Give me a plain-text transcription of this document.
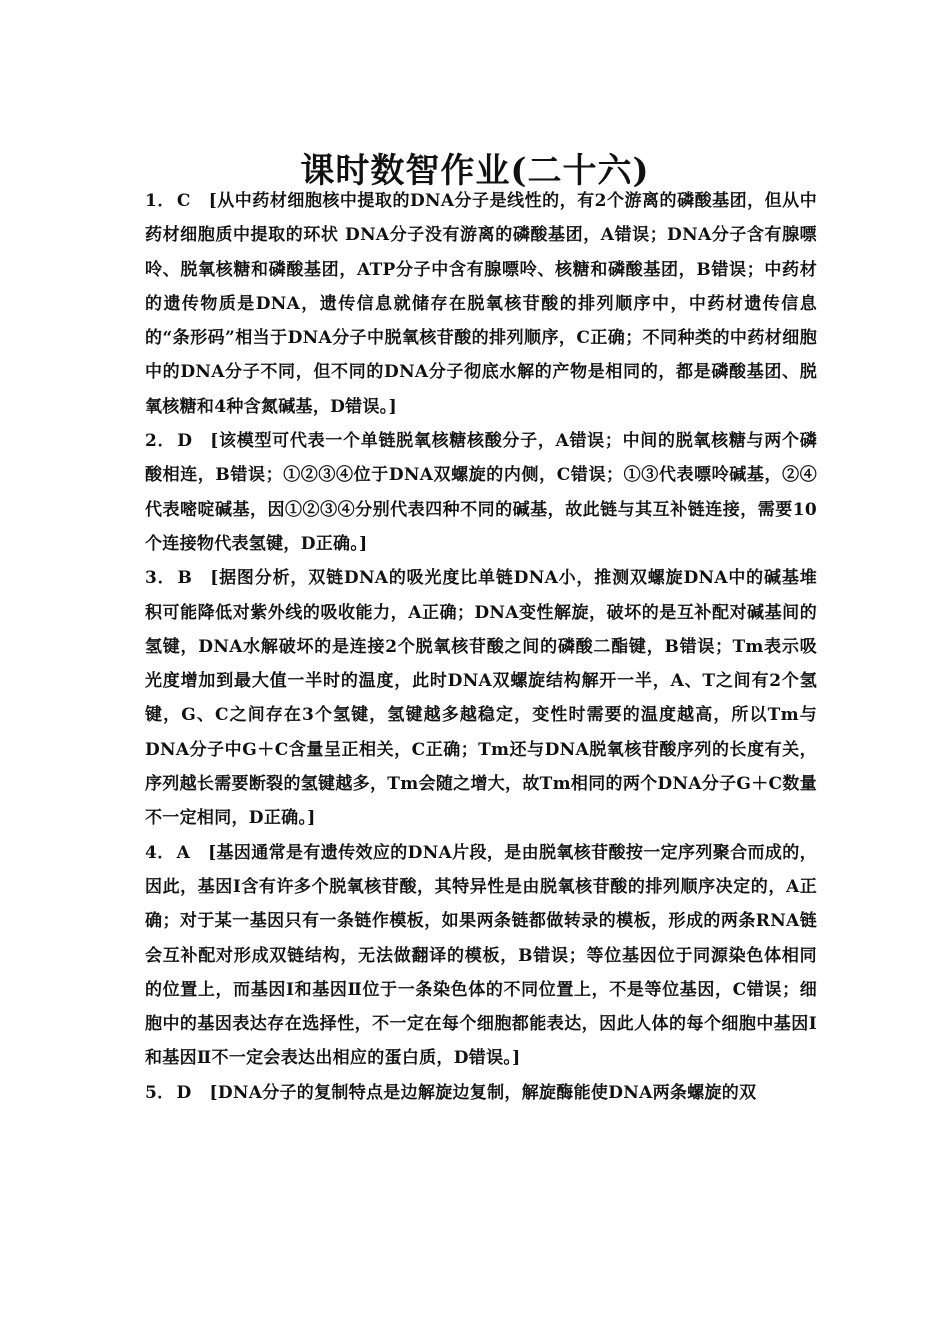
课时数智作业(二十六)

1． C [从中药材细胞核中提取的DNA分子是线性的，有2个游离的磷酸基团，但从中药材细胞质中提取的环状 DNA分子没有游离的磷酸基团，A错误；DNA分子含有腺嘌呤、脱氧核糖和磷酸基团，ATP分子中含有腺嘌呤、核糖和磷酸基团，B错误；中药材的遗传物质是DNA，遗传信息就储存在脱氧核苷酸的排列顺序中，中药材遗传信息的“条形码”相当于DNA分子中脱氧核苷酸的排列顺序，C正确；不同种类的中药材细胞中的DNA分子不同，但不同的DNA分子彻底水解的产物是相同的，都是磷酸基团、脱氧核糖和4种含氮碱基，D错误。]

2． D [该模型可代表一个单链脱氧核糖核酸分子，A错误；中间的脱氧核糖与两个磷酸相连，B错误；①②③④位于DNA双螺旋的内侧，C错误；①③代表嘌呤碱基，②④代表嘧啶碱基，因①②③④分别代表四种不同的碱基，故此链与其互补链连接，需要10个连接物代表氢键，D正确。]

3． B [据图分析，双链DNA的吸光度比单链DNA小，推测双螺旋DNA中的碱基堆积可能降低对紫外线的吸收能力，A正确；DNA变性解旋，破坏的是互补配对碱基间的氢键，DNA水解破坏的是连接2个脱氧核苷酸之间的磷酸二酯键，B错误；Tm表示吸光度增加到最大值一半时的温度，此时DNA双螺旋结构解开一半，A、T之间有2个氢键，G、C之间存在3个氢键，氢键越多越稳定，变性时需要的温度越高，所以Tm与DNA分子中G＋C含量呈正相关，C正确；Tm还与DNA脱氧核苷酸序列的长度有关，序列越长需要断裂的氢键越多，Tm会随之增大，故Tm相同的两个DNA分子G＋C数量不一定相同，D正确。]

4． A [基因通常是有遗传效应的DNA片段，是由脱氧核苷酸按一定序列聚合而成的，因此，基因Ⅰ含有许多个脱氧核苷酸，其特异性是由脱氧核苷酸的排列顺序决定的，A正确；对于某一基因只有一条链作模板，如果两条链都做转录的模板，形成的两条RNA链会互补配对形成双链结构，无法做翻译的模板，B错误；等位基因位于同源染色体相同的位置上，而基因Ⅰ和基因Ⅱ位于一条染色体的不同位置上，不是等位基因，C错误；细胞中的基因表达存在选择性，不一定在每个细胞都能表达，因此人体的每个细胞中基因Ⅰ和基因Ⅱ不一定会表达出相应的蛋白质，D错误。]

5． D [DNA分子的复制特点是边解旋边复制，解旋酶能使DNA两条螺旋的双
